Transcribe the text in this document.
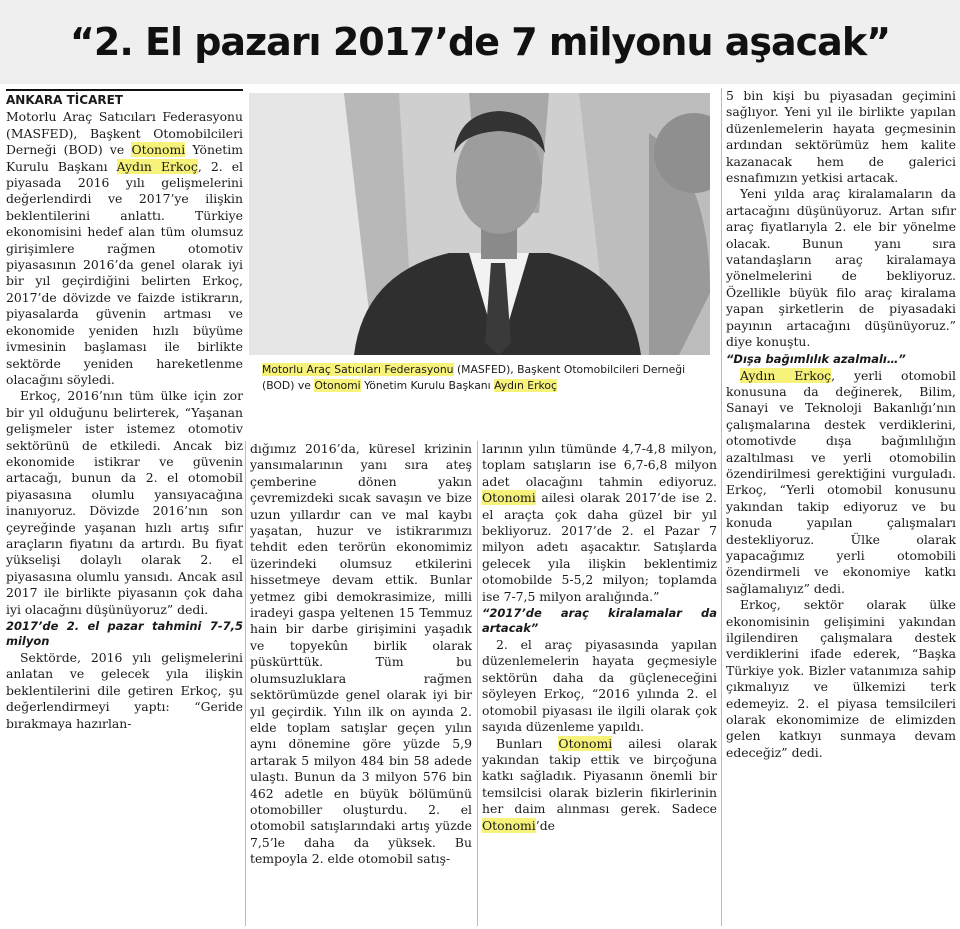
“2. El pazarı 2017’de 7 milyonu aşacak”
Motorlu Araç Satıcıları Federasyonu (MASFED), Başkent Otomobilcileri Derneği (BOD) ve Otonomi Yönetim Kurulu Başkanı Aydın Erkoç
ANKARA TİCARET

Motorlu Araç Satıcıları Federasyonu (MASFED), Başkent Otomobilcileri Derneği (BOD) ve Otonomi Yönetim Kurulu Başkanı Aydın Erkoç, 2. el piyasada 2016 yılı gelişmelerini değerlendirdi ve 2017’ye ilişkin beklentilerini anlattı. Türkiye ekonomisini hedef alan tüm olumsuz girişimlere rağmen otomotiv piyasasının 2016’da genel olarak iyi bir yıl geçirdiğini belirten Erkoç, 2017’de dövizde ve faizde istikrarın, piyasalarda güvenin artması ve ekonomide yeniden hızlı büyüme ivmesinin başlaması ile birlikte sektörde yeniden hareketlenme olacağını söyledi.

Erkoç, 2016’nın tüm ülke için zor bir yıl olduğunu belirterek, “Yaşanan gelişmeler ister istemez otomotiv sektörünü de etkiledi. Ancak biz ekonomide istikrar ve güvenin artacağı, bunun da 2. el otomobil piyasasına olumlu yansıyacağına inanıyoruz. Dövizde 2016’nın son çeyreğinde yaşanan hızlı artış sıfır araçların fiyatını da artırdı. Bu fiyat yükselişi dolaylı olarak 2. el piyasasına olumlu yansıdı. Ancak asıl 2017 ile birlikte piyasanın çok daha iyi olacağını düşünüyoruz” dedi.

2017’de 2. el pazar tahmini 7-7,5 milyon

Sektörde, 2016 yılı gelişmelerini anlatan ve gelecek yıla ilişkin beklentilerini dile getiren Erkoç, şu değerlendirmeyi yaptı: “Geride bırakmaya hazırlan-

dığımız 2016’da, küresel krizinin yansımalarının yanı sıra ateş çemberine dönen yakın çevremizdeki sıcak savaşın ve bize uzun yıllardır can ve mal kaybı yaşatan, huzur ve istikrarımızı tehdit eden terörün ekonomimiz üzerindeki olumsuz etkilerini hissetmeye devam ettik. Bunlar yetmez gibi demokrasimize, milli iradeyi gaspa yeltenen 15 Temmuz hain bir darbe girişimini yaşadık ve topyekûn birlik olarak püskürttük. Tüm bu olumsuzluklara rağmen sektörümüzde genel olarak iyi bir yıl geçirdik. Yılın ilk on ayında 2. elde toplam satışlar geçen yılın aynı dönemine göre yüzde 5,9 artarak 5 milyon 484 bin 58 adede ulaştı. Bunun da 3 milyon 576 bin 462 adetle en büyük bölümünü otomobiller oluşturdu. 2. el otomobil satışlarındaki artış yüzde 7,5’le daha da yüksek. Bu tempoyla 2. elde otomobil satış-

larının yılın tümünde 4,7-4,8 milyon, toplam satışların ise 6,7-6,8 milyon adet olacağını tahmin ediyoruz. Otonomi ailesi olarak 2017’de ise 2. el araçta çok daha güzel bir yıl bekliyoruz. 2017’de 2. el Pazar 7 milyon adetı aşacaktır. Satışlarda gelecek yıla ilişkin beklentimiz otomobilde 5-5,2 milyon; toplamda ise 7-7,5 milyon aralığında.”

“2017’de araç kiralamalar da artacak”

2. el araç piyasasında yapılan düzenlemelerin hayata geçmesiyle sektörün daha da güçleneceğini söyleyen Erkoç, “2016 yılında 2. el otomobil piyasası ile ilgili olarak çok sayıda düzenleme yapıldı.

Bunları Otonomi ailesi olarak yakından takip ettik ve birçoğuna katkı sağladık. Piyasanın önemli bir temsilcisi olarak bizlerin fikirlerinin her daim alınması gerek. Sadece Otonomi’de

5 bin kişi bu piyasadan geçimini sağlıyor. Yeni yıl ile birlikte yapılan düzenlemelerin hayata geçmesinin ardından sektörümüz hem kalite kazanacak hem de galerici esnafımızın yetkisi artacak.

Yeni yılda araç kiralamaların da artacağını düşünüyoruz. Artan sıfır araç fiyatlarıyla 2. ele bir yönelme olacak. Bunun yanı sıra vatandaşların araç kiralamaya yönelmelerini de bekliyoruz. Özellikle büyük filo araç kiralama yapan şirketlerin de piyasadaki payının artacağını düşünüyoruz.” diye konuştu.

“Dışa bağımlılık azalmalı…”

Aydın Erkoç, yerli otomobil konusuna da değinerek, Bilim, Sanayi ve Teknoloji Bakanlığı’nın çalışmalarına destek verdiklerini, otomotivde dışa bağımlılığın azaltılması ve yerli otomobilin özendirilmesi gerektiğini vurguladı. Erkoç, “Yerli otomobil konusunu yakından takip ediyoruz ve bu konuda yapılan çalışmaları destekliyoruz. Ülke olarak yapacağımız yerli otomobili özendirmeli ve ekonomiye katkı sağlamalıyız” dedi.

Erkoç, sektör olarak ülke ekonomisinin gelişimini yakından ilgilendiren çalışmalara destek verdiklerini ifade ederek, “Başka Türkiye yok. Bizler vatanımıza sahip çıkmalıyız ve ülkemizi terk edemeyiz. 2. el piyasa temsilcileri olarak ekonomimize de elimizden gelen katkıyı sunmaya devam edeceğiz” dedi.
